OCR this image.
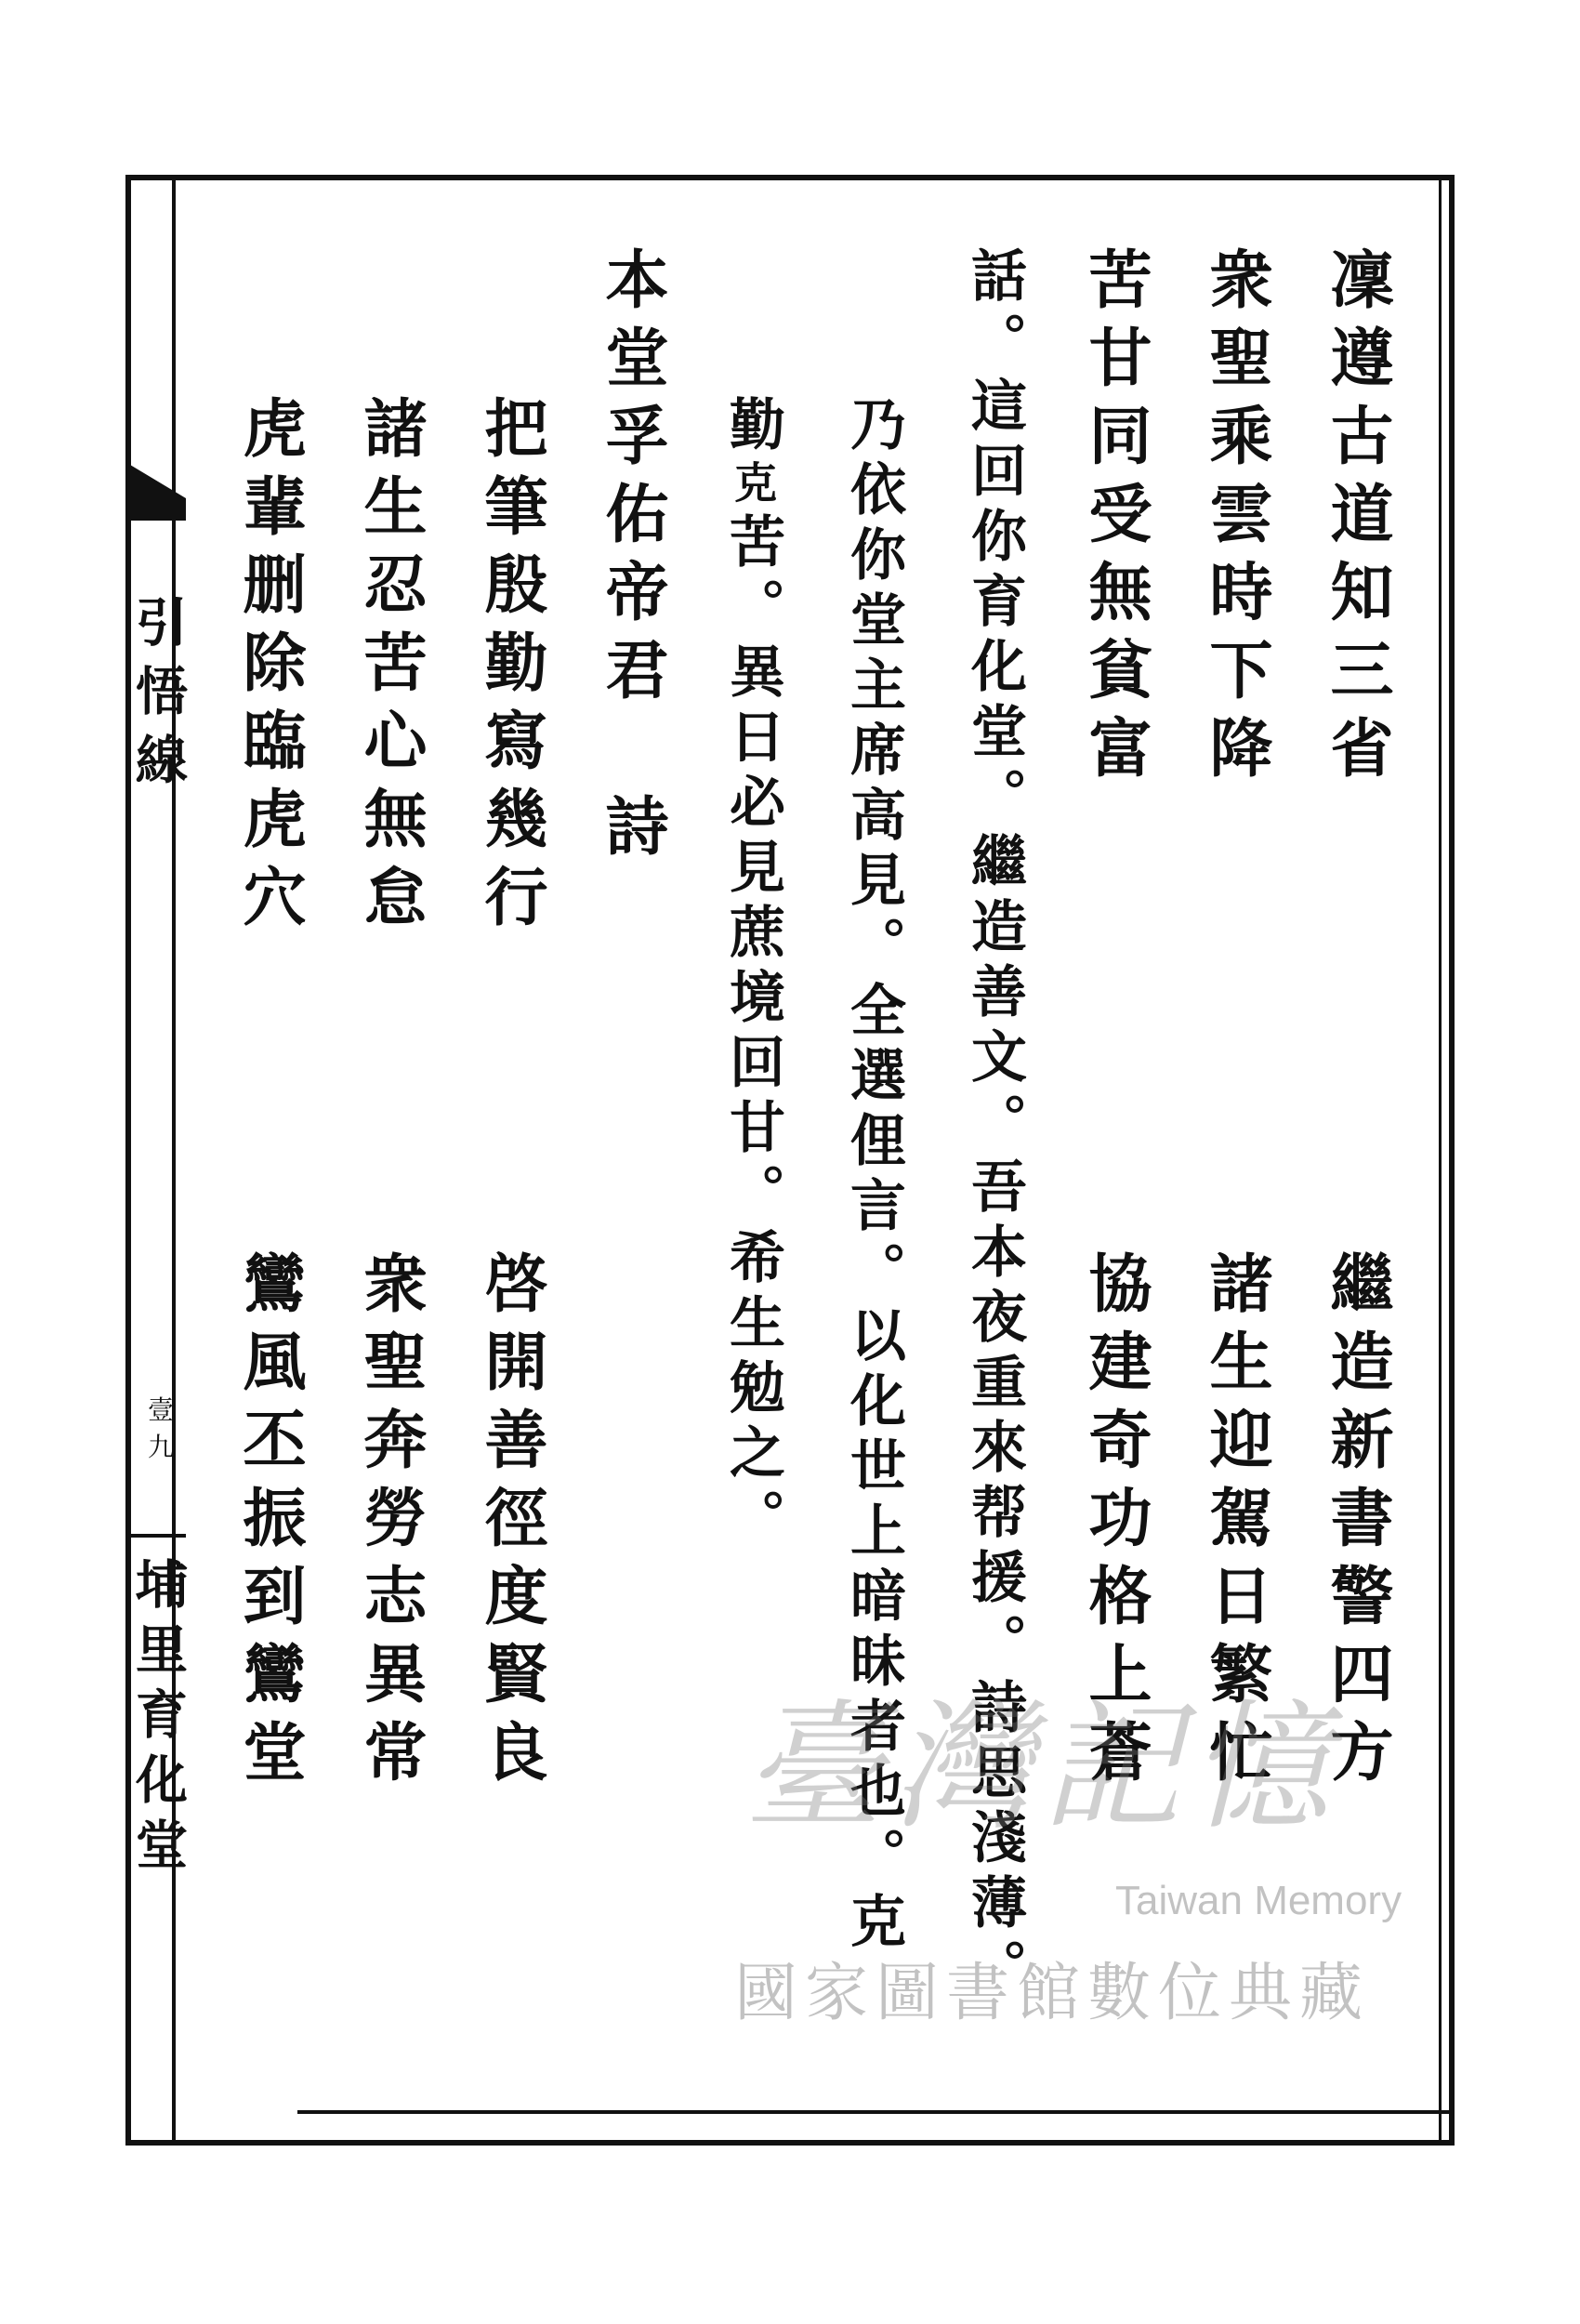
引悟線
壹九
埔里育化堂
凜遵古道知三省
繼造新書警四方
衆聖乘雲時下降
諸生迎駕日繁忙
苦甘同受無貧富
協建奇功格上蒼
話。這回你育化堂。繼造善文。吾本夜重來帮援。詩思淺薄。
乃依你堂主席高見。全選俚言。以化世上暗昧者也。克
勤克苦。異日必見蔗境回甘。希生勉之。
本堂孚佑帝君　詩
把筆殷勤寫幾行
啓開善徑度賢良
諸生忍苦心無怠
衆聖奔勞志異常
虎輩删除臨虎穴
鸞風丕振到鸞堂	臺灣記憶
Taiwan Memory
國家圖書館數位典藏
